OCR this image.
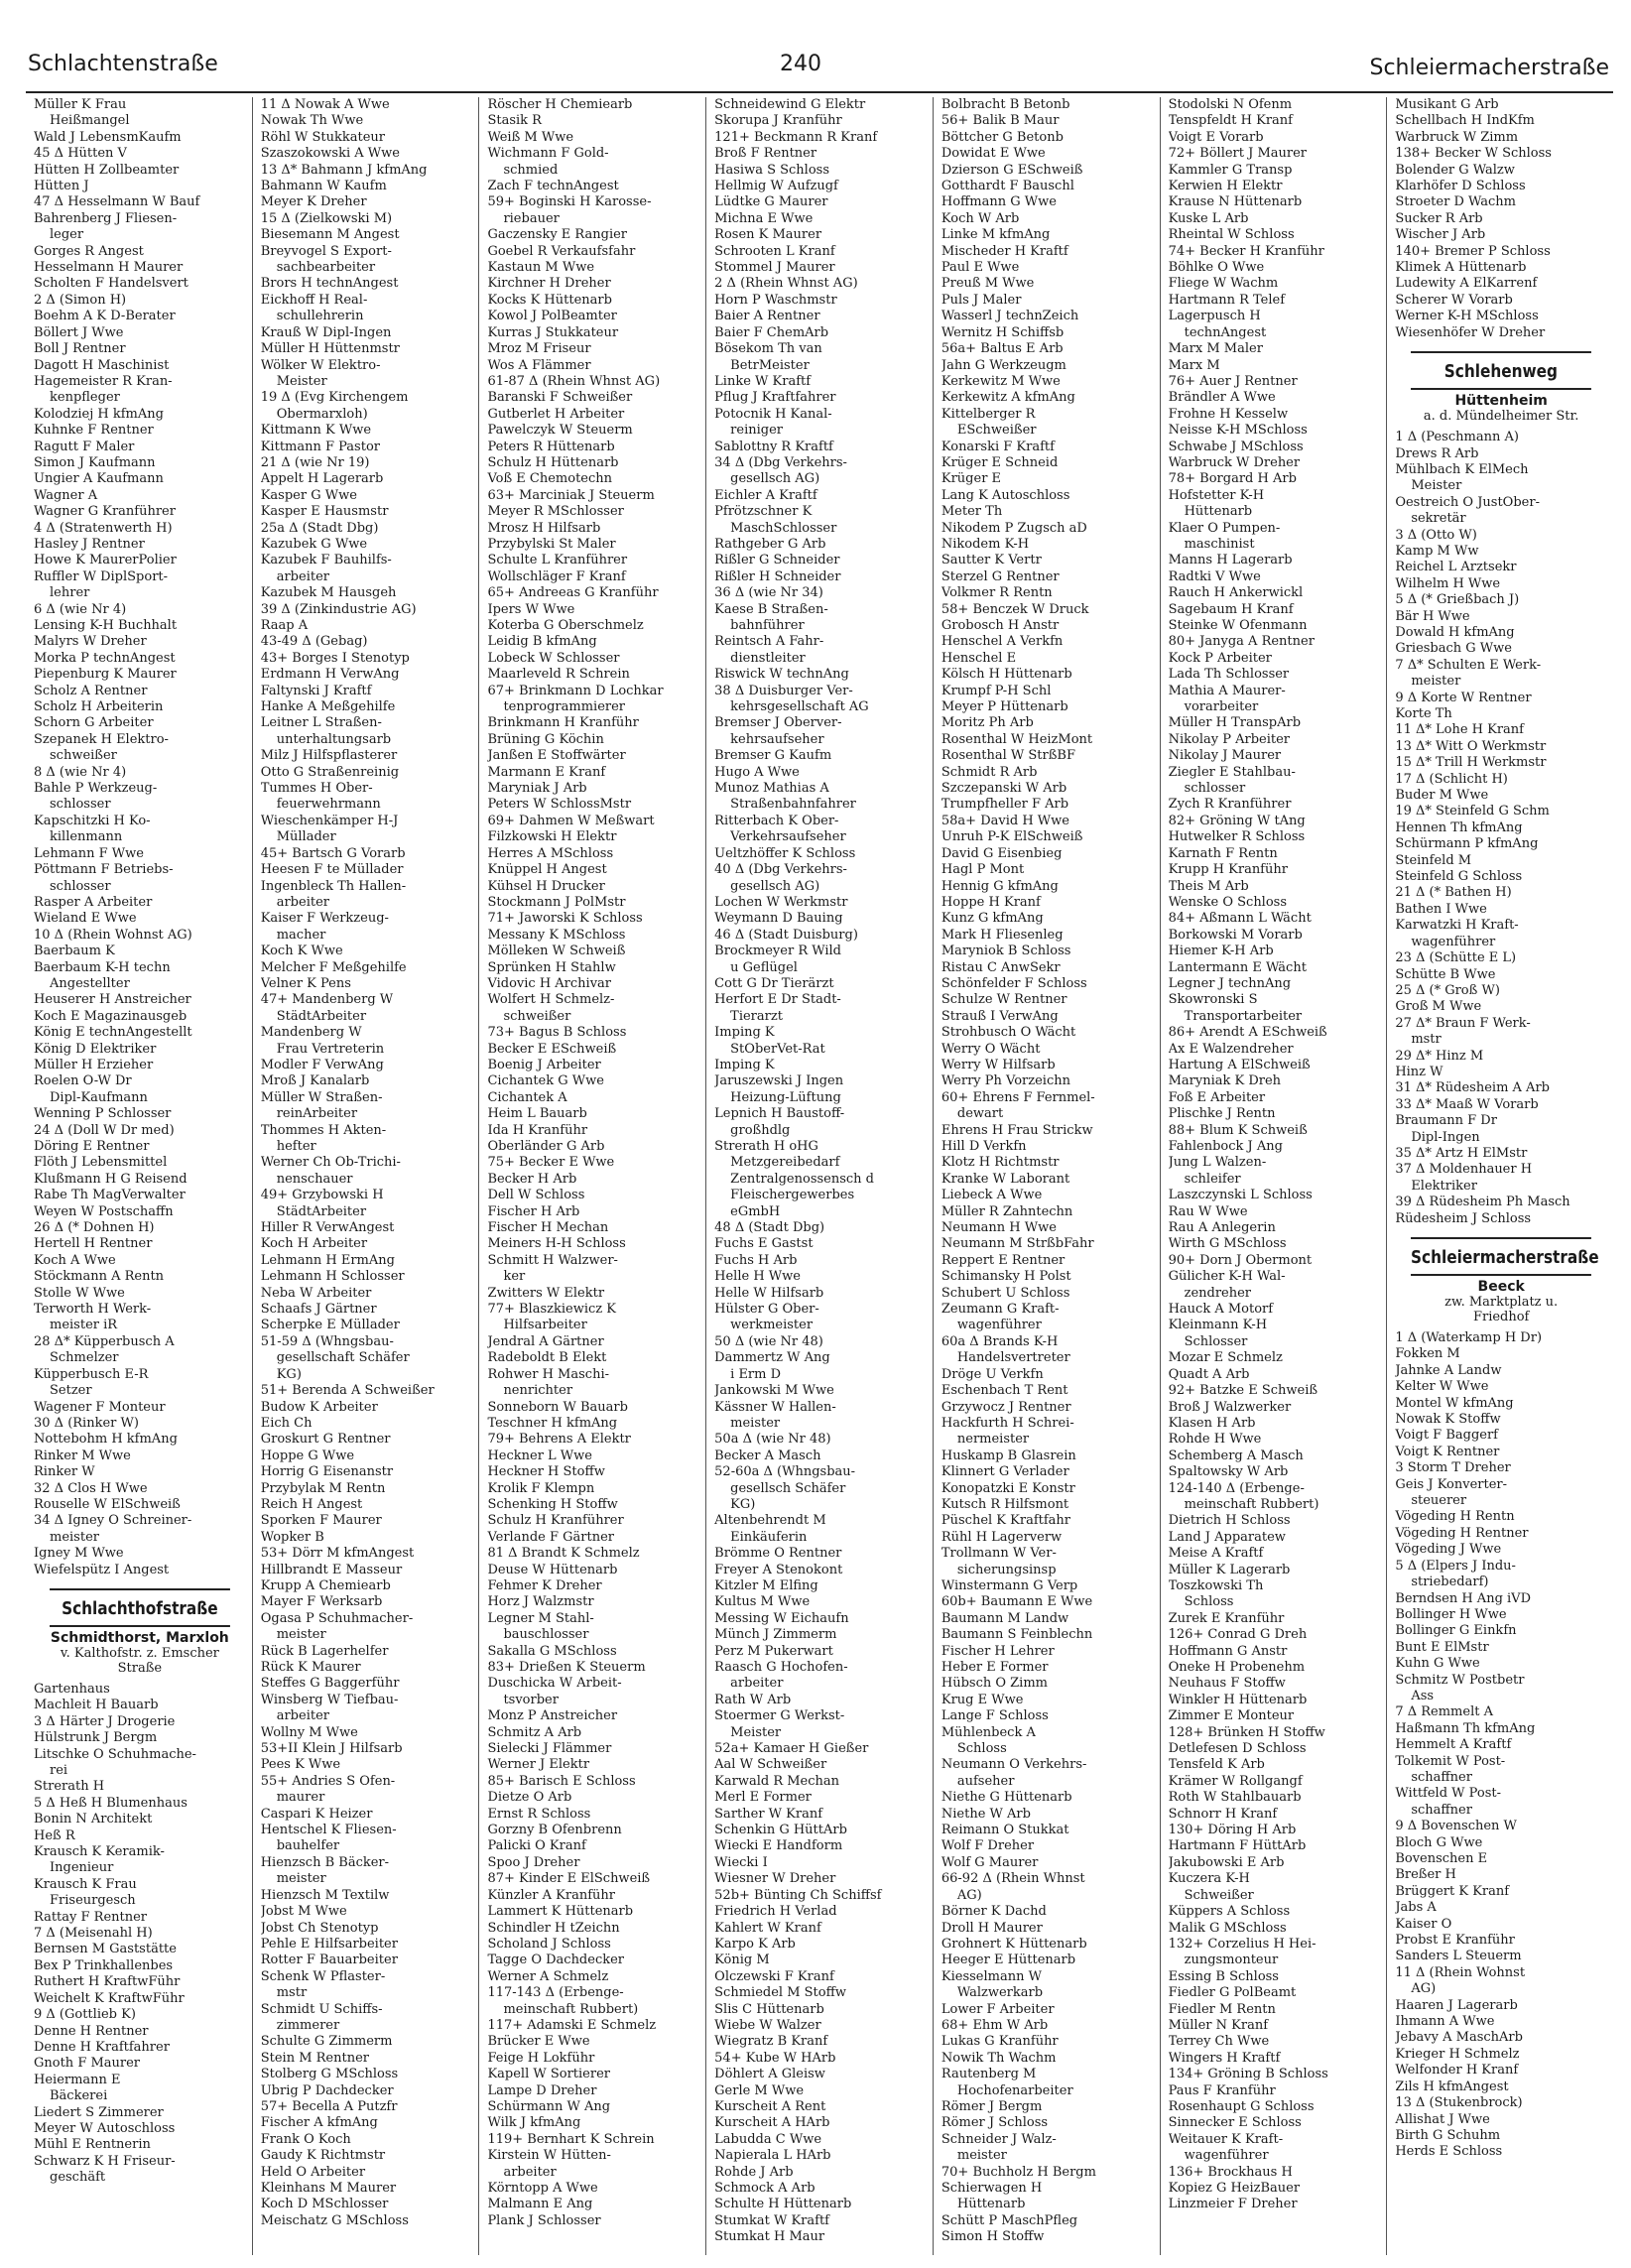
Schlachtenstraße	240	Schleiermacherstraße
Müller K Frau
Heißmangel
Wald J LebensmKaufm
45 Δ Hütten V
Hütten H Zollbeamter
Hütten J
47 Δ Hesselmann W Bauf
Bahrenberg J Fliesen-
leger
Gorges R Angest
Hesselmann H Maurer
Scholten F Handelsvert
2 Δ (Simon H)
Boehm A K D-Berater
Böllert J Wwe
Boll J Rentner
Dagott H Maschinist
Hagemeister R Kran-
kenpfleger
Kolodziej H kfmAng
Kuhnke F Rentner
Ragutt F Maler
Simon J Kaufmann
Ungier A Kaufmann
Wagner A
Wagner G Kranführer
4 Δ (Stratenwerth H)
Hasley J Rentner
Howe K MaurerPolier
Ruffler W DiplSport-
lehrer
6 Δ (wie Nr 4)
Lensing K-H Buchhalt
Malyrs W Dreher
Morka P technAngest
Piepenburg K Maurer
Scholz A Rentner
Scholz H Arbeiterin
Schorn G Arbeiter
Szepanek H Elektro-
schweißer
8 Δ (wie Nr 4)
Bahle P Werkzeug-
schlosser
Kapschitzki H Ko-
killenmann
Lehmann F Wwe
Pöttmann F Betriebs-
schlosser
Rasper A Arbeiter
Wieland E Wwe
10 Δ (Rhein Wohnst AG)
Baerbaum K
Baerbaum K-H techn
Angestellter
Heuserer H Anstreicher
Koch E Magazinausgeb
König E technAngestellt
König D Elektriker
Müller H Erzieher
Roelen O-W Dr
Dipl-Kaufmann
Wenning P Schlosser
24 Δ (Doll W Dr med)
Döring E Rentner
Flöth J Lebensmittel
Klußmann H G Reisend
Rabe Th MagVerwalter
Weyen W Postschaffn
26 Δ (* Dohnen H)
Hertell H Rentner
Koch A Wwe
Stöckmann A Rentn
Stolle W Wwe
Terworth H Werk-
meister iR
28 Δ* Küpperbusch A
Schmelzer
Küpperbusch E-R
Setzer
Wagener F Monteur
30 Δ (Rinker W)
Nottebohm H kfmAng
Rinker M Wwe
Rinker W
32 Δ Clos H Wwe
Rouselle W ElSchweiß
34 Δ Igney O Schreiner-
meister
Igney M Wwe
Wiefelspütz I Angest
Schlachthofstraße
Schmidthorst, Marxloh
v. Kalthofstr. z. Emscher
Straße
Gartenhaus
Machleit H Bauarb
3 Δ Härter J Drogerie
Hülstrunk J Bergm
Litschke O Schuhmache-
rei
Strerath H
5 Δ Heß H Blumenhaus
Bonin N Architekt
Heß R
Krausch K Keramik-
Ingenieur
Krausch K Frau
Friseurgesch
Rattay F Rentner
7 Δ (Meisenahl H)
Bernsen M Gaststätte
Bex P Trinkhallenbes
Ruthert H KraftwFühr
Weichelt K KraftwFühr
9 Δ (Gottlieb K)
Denne H Rentner
Denne H Kraftfahrer
Gnoth F Maurer
Heiermann E
Bäckerei
Liedert S Zimmerer
Meyer W Autoschloss
Mühl E Rentnerin
Schwarz K H Friseur-
geschäft
11 Δ Nowak A Wwe
Nowak Th Wwe
Röhl W Stukkateur
Szaszokowski A Wwe
13 Δ* Bahmann J kfmAng
Bahmann W Kaufm
Meyer K Dreher
15 Δ (Zielkowski M)
Biesemann M Angest
Breyvogel S Export-
sachbearbeiter
Brors H technAngest
Eickhoff H Real-
schullehrerin
Krauß W Dipl-Ingen
Müller H Hüttenmstr
Wölker W Elektro-
Meister
19 Δ (Evg Kirchengem
Obermarxloh)
Kittmann K Wwe
Kittmann F Pastor
21 Δ (wie Nr 19)
Appelt H Lagerarb
Kasper G Wwe
Kasper E Hausmstr
25a Δ (Stadt Dbg)
Kazubek G Wwe
Kazubek F Bauhilfs-
arbeiter
Kazubek M Hausgeh
39 Δ (Zinkindustrie AG)
Raap A
43-49 Δ (Gebag)
43+ Borges I Stenotyp
Erdmann H VerwAng
Faltynski J Kraftf
Hanke A Meßgehilfe
Leitner L Straßen-
unterhaltungsarb
Milz J Hilfspflasterer
Otto G Straßenreinig
Tummes H Ober-
feuerwehrmann
Wieschenkämper H-J
Müllader
45+ Bartsch G Vorarb
Heesen F te Müllader
Ingenbleck Th Hallen-
arbeiter
Kaiser F Werkzeug-
macher
Koch K Wwe
Melcher F Meßgehilfe
Velner K Pens
47+ Mandenberg W
StädtArbeiter
Mandenberg W
Frau Vertreterin
Modler F VerwAng
Mroß J Kanalarb
Müller W Straßen-
reinArbeiter
Thommes H Akten-
hefter
Werner Ch Ob-Trichi-
nenschauer
49+ Grzybowski H
StädtArbeiter
Hiller R VerwAngest
Koch H Arbeiter
Lehmann H ErmAng
Lehmann H Schlosser
Neba W Arbeiter
Schaafs J Gärtner
Scherpke E Müllader
51-59 Δ (Whngsbau-
gesellschaft Schäfer
KG)
51+ Berenda A Schweißer
Budow K Arbeiter
Eich Ch
Groskurt G Rentner
Hoppe G Wwe
Horrig G Eisenanstr
Przybylak M Rentn
Reich H Angest
Sporken F Maurer
Wopker B
53+ Dörr M kfmAngest
Hillbrandt E Masseur
Krupp A Chemiearb
Mayer F Werksarb
Ogasa P Schuhmacher-
meister
Rück B Lagerhelfer
Rück K Maurer
Steffes G Baggerführ
Winsberg W Tiefbau-
arbeiter
Wollny M Wwe
53+II Klein J Hilfsarb
Pees K Wwe
55+ Andries S Ofen-
maurer
Caspari K Heizer
Hentschel K Fliesen-
bauhelfer
Hienzsch B Bäcker-
meister
Hienzsch M Textilw
Jobst M Wwe
Jobst Ch Stenotyp
Pehle E Hilfsarbeiter
Rotter F Bauarbeiter
Schenk W Pflaster-
mstr
Schmidt U Schiffs-
zimmerer
Schulte G Zimmerm
Stein M Rentner
Stolberg G MSchloss
Ubrig P Dachdecker
57+ Becella A Putzfr
Fischer A kfmAng
Frank O Koch
Gaudy K Richtmstr
Held O Arbeiter
Kleinhans M Maurer
Koch D MSchlosser
Meischatz G MSchloss
Röscher H Chemiearb
Stasik R
Weiß M Wwe
Wichmann F Gold-
schmied
Zach F technAngest
59+ Boginski H Karosse-
riebauer
Gaczensky E Rangier
Goebel R Verkaufsfahr
Kastaun M Wwe
Kirchner H Dreher
Kocks K Hüttenarb
Kowol J PolBeamter
Kurras J Stukkateur
Mroz M Friseur
Wos A Flämmer
61-87 Δ (Rhein Whnst AG)
Baranski F Schweißer
Gutberlet H Arbeiter
Pawelczyk W Steuerm
Peters R Hüttenarb
Schulz H Hüttenarb
Voß E Chemotechn
63+ Marciniak J Steuerm
Meyer R MSchlosser
Mrosz H Hilfsarb
Przybylski St Maler
Schulte L Kranführer
Wollschläger F Kranf
65+ Andreeas G Kranführ
Ipers W Wwe
Koterba G Oberschmelz
Leidig B kfmAng
Lobeck W Schlosser
Maarleveld R Schrein
67+ Brinkmann D Lochkar
tenprogrammierer
Brinkmann H Kranführ
Brüning G Köchin
Janßen E Stoffwärter
Marmann E Kranf
Maryniak J Arb
Peters W SchlossMstr
69+ Dahmen W Meßwart
Filzkowski H Elektr
Herres A MSchloss
Knüppel H Angest
Kühsel H Drucker
Stockmann J PolMstr
71+ Jaworski K Schloss
Messany K MSchloss
Mölleken W Schweiß
Sprünken H Stahlw
Vidovic H Archivar
Wolfert H Schmelz-
schweißer
73+ Bagus B Schloss
Becker E ESchweiß
Boenig J Arbeiter
Cichantek G Wwe
Cichantek A
Heim L Bauarb
Ida H Kranführ
Oberländer G Arb
75+ Becker E Wwe
Becker H Arb
Dell W Schloss
Fischer H Arb
Fischer H Mechan
Meiners H-H Schloss
Schmitt H Walzwer-
ker
Zwitters W Elektr
77+ Blaszkiewicz K
Hilfsarbeiter
Jendral A Gärtner
Radeboldt B Elekt
Rohwer H Maschi-
nenrichter
Sonneborn W Bauarb
Teschner H kfmAng
79+ Behrens A Elektr
Heckner L Wwe
Heckner H Stoffw
Krolik F Klempn
Schenking H Stoffw
Schulz H Kranführer
Verlande F Gärtner
81 Δ Brandt K Schmelz
Deuse W Hüttenarb
Fehmer K Dreher
Horz J Walzmstr
Legner M Stahl-
bauschlosser
Sakalla G MSchloss
83+ Drießen K Steuerm
Duschicka W Arbeit-
tsvorber
Monz P Anstreicher
Schmitz A Arb
Sielecki J Flämmer
Werner J Elektr
85+ Barisch E Schloss
Dietze O Arb
Ernst R Schloss
Gorzny B Ofenbrenn
Palicki O Kranf
Spoo J Dreher
87+ Kinder E ElSchweiß
Künzler A Kranführ
Lammert K Hüttenarb
Schindler H tZeichn
Scholand J Schloss
Tagge O Dachdecker
Werner A Schmelz
117-143 Δ (Erbenge-
meinschaft Rubbert)
117+ Adamski E Schmelz
Brücker E Wwe
Feige H Lokführ
Kapell W Sortierer
Lampe D Dreher
Schürmann W Ang
Wilk J kfmAng
119+ Bernhart K Schrein
Kirstein W Hütten-
arbeiter
Körntopp A Wwe
Malmann E Ang
Plank J Schlosser
Schneidewind G Elektr
Skorupa J Kranführ
121+ Beckmann R Kranf
Broß F Rentner
Hasiwa S Schloss
Hellmig W Aufzugf
Lüdtke G Maurer
Michna E Wwe
Rosen K Maurer
Schrooten L Kranf
Stommel J Maurer
2 Δ (Rhein Whnst AG)
Horn P Waschmstr
Baier A Rentner
Baier F ChemArb
Bösekom Th van
BetrMeister
Linke W Kraftf
Pflug J Kraftfahrer
Potocnik H Kanal-
reiniger
Sablottny R Kraftf
34 Δ (Dbg Verkehrs-
gesellsch AG)
Eichler A Kraftf
Pfrötzschner K
MaschSchlosser
Rathgeber G Arb
Rißler G Schneider
Rißler H Schneider
36 Δ (wie Nr 34)
Kaese B Straßen-
bahnführer
Reintsch A Fahr-
dienstleiter
Riswick W technAng
38 Δ Duisburger Ver-
kehrsgesellschaft AG
Bremser J Oberver-
kehrsaufseher
Bremser G Kaufm
Hugo A Wwe
Munoz Mathias A
Straßenbahnfahrer
Ritterbach K Ober-
Verkehrsaufseher
Ueltzhöffer K Schloss
40 Δ (Dbg Verkehrs-
gesellsch AG)
Lochen W Werkmstr
Weymann D Bauing
46 Δ (Stadt Duisburg)
Brockmeyer R Wild
u Geflügel
Cott G Dr Tierärzt
Herfort E Dr Stadt-
Tierarzt
Imping K
StOberVet-Rat
Imping K
Jaruszewski J Ingen
Heizung-Lüftung
Lepnich H Baustoff-
großhdlg
Strerath H oHG
Metzgereibedarf
Zentralgenossensch d
Fleischergewerbes
eGmbH
48 Δ (Stadt Dbg)
Fuchs E Gastst
Fuchs H Arb
Helle H Wwe
Helle W Hilfsarb
Hülster G Ober-
werkmeister
50 Δ (wie Nr 48)
Dammertz W Ang
i Erm D
Jankowski M Wwe
Kässner W Hallen-
meister
50a Δ (wie Nr 48)
Becker A Masch
52-60a Δ (Whngsbau-
gesellsch Schäfer
KG)
Altenbehrendt M
Einkäuferin
Brömme O Rentner
Freyer A Stenokont
Kitzler M Elfing
Kultus M Wwe
Messing W Eichaufn
Münch J Zimmerm
Perz M Pukerwart
Raasch G Hochofen-
arbeiter
Rath W Arb
Stoermer G Werkst-
Meister
52a+ Kamaer H Gießer
Aal W Schweißer
Karwald R Mechan
Merl E Former
Sarther W Kranf
Schenkin G HüttArb
Wiecki E Handform
Wiecki I
Wiesner W Dreher
52b+ Bünting Ch Schiffsf
Friedrich H Verlad
Kahlert W Kranf
Karpo K Arb
König M
Olczewski F Kranf
Schmiedel M Stoffw
Slis C Hüttenarb
Wiebe W Walzer
Wiegratz B Kranf
54+ Kube W HArb
Döhlert A Gleisw
Gerle M Wwe
Kurscheit A Rent
Kurscheit A HArb
Labudda C Wwe
Napierala L HArb
Rohde J Arb
Schmock A Arb
Schulte H Hüttenarb
Stumkat W Kraftf
Stumkat H Maur
Bolbracht B Betonb
56+ Balik B Maur
Böttcher G Betonb
Dowidat E Wwe
Dzierson G ESchweiß
Gotthardt F Bauschl
Hoffmann G Wwe
Koch W Arb
Linke M kfmAng
Mischeder H Kraftf
Paul E Wwe
Preuß M Wwe
Puls J Maler
Wasserl J technZeich
Wernitz H Schiffsb
56a+ Baltus E Arb
Jahn G Werkzeugm
Kerkewitz M Wwe
Kerkewitz A kfmAng
Kittelberger R
ESchweißer
Konarski F Kraftf
Krüger E Schneid
Krüger E
Lang K Autoschloss
Meter Th
Nikodem P Zugsch aD
Nikodem K-H
Sautter K Vertr
Sterzel G Rentner
Volkmer R Rentn
58+ Benczek W Druck
Grobosch H Anstr
Henschel A Verkfn
Henschel E
Kölsch H Hüttenarb
Krumpf P-H Schl
Meyer P Hüttenarb
Moritz Ph Arb
Rosenthal W HeizMont
Rosenthal W StrßBF
Schmidt R Arb
Szczepanski W Arb
Trumpfheller F Arb
58a+ David H Wwe
Unruh P-K ElSchweiß
David G Eisenbieg
Hagl P Mont
Hennig G kfmAng
Hoppe H Kranf
Kunz G kfmAng
Mark H Fliesenleg
Maryniok B Schloss
Ristau C AnwSekr
Schönfelder F Schloss
Schulze W Rentner
Strauß I VerwAng
Strohbusch O Wächt
Werry O Wächt
Werry W Hilfsarb
Werry Ph Vorzeichn
60+ Ehrens F Fernmel-
dewart
Ehrens H Frau Strickw
Hill D Verkfn
Klotz H Richtmstr
Kranke W Laborant
Liebeck A Wwe
Müller R Zahntechn
Neumann H Wwe
Neumann M StrßbFahr
Reppert E Rentner
Schimansky H Polst
Schubert U Schloss
Zeumann G Kraft-
wagenführer
60a Δ Brands K-H
Handelsvertreter
Dröge U Verkfn
Eschenbach T Rent
Grzywocz J Rentner
Hackfurth H Schrei-
nermeister
Huskamp B Glasrein
Klinnert G Verlader
Konopatzki E Konstr
Kutsch R Hilfsmont
Püschel K Kraftfahr
Rühl H Lagerverw
Trollmann W Ver-
sicherungsinsp
Winstermann G Verp
60b+ Baumann E Wwe
Baumann M Landw
Baumann S Feinblechn
Fischer H Lehrer
Heber E Former
Hübsch O Zimm
Krug E Wwe
Lange F Schloss
Mühlenbeck A
Schloss
Neumann O Verkehrs-
aufseher
Niethe G Hüttenarb
Niethe W Arb
Reimann O Stukkat
Wolf F Dreher
Wolf G Maurer
66-92 Δ (Rhein Whnst
AG)
Börner K Dachd
Droll H Maurer
Grohnert K Hüttenarb
Heeger E Hüttenarb
Kiesselmann W
Walzwerkarb
Lower F Arbeiter
68+ Ehm W Arb
Lukas G Kranführ
Nowik Th Wachm
Rautenberg M
Hochofenarbeiter
Römer J Bergm
Römer J Schloss
Schneider J Walz-
meister
70+ Buchholz H Bergm
Schierwagen H
Hüttenarb
Schütt P MaschPfleg
Simon H Stoffw
Stodolski N Ofenm
Tenspfeldt H Kranf
Voigt E Vorarb
72+ Böllert J Maurer
Kammler G Transp
Kerwien H Elektr
Krause N Hüttenarb
Kuske L Arb
Rheintal W Schloss
74+ Becker H Kranführ
Böhlke O Wwe
Fliege W Wachm
Hartmann R Telef
Lagerpusch H
technAngest
Marx M Maler
Marx M
76+ Auer J Rentner
Brändler A Wwe
Frohne H Kesselw
Neisse K-H MSchloss
Schwabe J MSchloss
Warbruck W Dreher
78+ Borgard H Arb
Hofstetter K-H
Hüttenarb
Klaer O Pumpen-
maschinist
Manns H Lagerarb
Radtki V Wwe
Rauch H Ankerwickl
Sagebaum H Kranf
Steinke W Ofenmann
80+ Janyga A Rentner
Kock P Arbeiter
Lada Th Schlosser
Mathia A Maurer-
vorarbeiter
Müller H TranspArb
Nikolay P Arbeiter
Nikolay J Maurer
Ziegler E Stahlbau-
schlosser
Zych R Kranführer
82+ Gröning W tAng
Hutwelker R Schloss
Karnath F Rentn
Krupp H Kranführ
Theis M Arb
Wenske O Schloss
84+ Aßmann L Wächt
Borkowski M Vorarb
Hiemer K-H Arb
Lantermann E Wächt
Legner J technAng
Skowronski S
Transportarbeiter
86+ Arendt A ESchweiß
Ax E Walzendreher
Hartung A ElSchweiß
Maryniak K Dreh
Foß E Arbeiter
Plischke J Rentn
88+ Blum K Schweiß
Fahlenbock J Ang
Jung L Walzen-
schleifer
Laszczynski L Schloss
Rau W Wwe
Rau A Anlegerin
Wirth G MSchloss
90+ Dorn J Obermont
Gülicher K-H Wal-
zendreher
Hauck A Motorf
Kleinmann K-H
Schlosser
Mozar E Schmelz
Quadt A Arb
92+ Batzke E Schweiß
Broß J Walzwerker
Klasen H Arb
Rohde H Wwe
Schemberg A Masch
Spaltowsky W Arb
124-140 Δ (Erbenge-
meinschaft Rubbert)
Dietrich H Schloss
Land J Apparatew
Meise A Kraftf
Müller K Lagerarb
Toszkowski Th
Schloss
Zurek E Kranführ
126+ Conrad G Dreh
Hoffmann G Anstr
Oneke H Probenehm
Neuhaus F Stoffw
Winkler H Hüttenarb
Zimmer E Monteur
128+ Brünken H Stoffw
Detlefesen D Schloss
Tensfeld K Arb
Krämer W Rollgangf
Roth W Stahlbauarb
Schnorr H Kranf
130+ Döring H Arb
Hartmann F HüttArb
Jakubowski E Arb
Kuczera K-H
Schweißer
Küppers A Schloss
Malik G MSchloss
132+ Corzelius H Hei-
zungsmonteur
Essing B Schloss
Fiedler G PolBeamt
Fiedler M Rentn
Müller N Kranf
Terrey Ch Wwe
Wingers H Kraftf
134+ Gröning B Schloss
Paus F Kranführ
Rosenhaupt G Schloss
Sinnecker E Schloss
Weitauer K Kraft-
wagenführer
136+ Brockhaus H
Kopiez G HeizBauer
Linzmeier F Dreher
Musikant G Arb
Schellbach H IndKfm
Warbruck W Zimm
138+ Becker W Schloss
Bolender G Walzw
Klarhöfer D Schloss
Stroeter D Wachm
Sucker R Arb
Wischer J Arb
140+ Bremer P Schloss
Klimek A Hüttenarb
Ludewity A ElKarrenf
Scherer W Vorarb
Werner K-H MSchloss
Wiesenhöfer W Dreher
Schlehenweg
Hüttenheim
a. d. Mündelheimer Str.
1 Δ (Peschmann A)
Drews R Arb
Mühlbach K ElMech
Meister
Oestreich O JustOber-
sekretär
3 Δ (Otto W)
Kamp M Ww
Reichel L Arztsekr
Wilhelm H Wwe
5 Δ (* Grießbach J)
Bär H Wwe
Dowald H kfmAng
Griesbach G Wwe
7 Δ* Schulten E Werk-
meister
9 Δ Korte W Rentner
Korte Th
11 Δ* Lohe H Kranf
13 Δ* Witt O Werkmstr
15 Δ* Trill H Werkmstr
17 Δ (Schlicht H)
Buder M Wwe
19 Δ* Steinfeld G Schm
Hennen Th kfmAng
Schürmann P kfmAng
Steinfeld M
Steinfeld G Schloss
21 Δ (* Bathen H)
Bathen I Wwe
Karwatzki H Kraft-
wagenführer
23 Δ (Schütte E L)
Schütte B Wwe
25 Δ (* Groß W)
Groß M Wwe
27 Δ* Braun F Werk-
mstr
29 Δ* Hinz M
Hinz W
31 Δ* Rüdesheim A Arb
33 Δ* Maaß W Vorarb
Braumann F Dr
Dipl-Ingen
35 Δ* Artz H ElMstr
37 Δ Moldenhauer H
Elektriker
39 Δ Rüdesheim Ph Masch
Rüdesheim J Schloss
Schleiermacherstraße
Beeck
zw. Marktplatz u.
Friedhof
1 Δ (Waterkamp H Dr)
Fokken M
Jahnke A Landw
Kelter W Wwe
Montel W kfmAng
Nowak K Stoffw
Voigt F Baggerf
Voigt K Rentner
3 Storm T Dreher
Geis J Konverter-
steuerer
Vögeding H Rentn
Vögeding H Rentner
Vögeding J Wwe
5 Δ (Elpers J Indu-
striebedarf)
Berndsen H Ang iVD
Bollinger H Wwe
Bollinger G Einkfn
Bunt E ElMstr
Kuhn G Wwe
Schmitz W Postbetr
Ass
7 Δ Remmelt A
Haßmann Th kfmAng
Hemmelt A Kraftf
Tolkemit W Post-
schaffner
Wittfeld W Post-
schaffner
9 Δ Bovenschen W
Bloch G Wwe
Bovenschen E
Breßer H
Brüggert K Kranf
Jabs A
Kaiser O
Probst E Kranführ
Sanders L Steuerm
11 Δ (Rhein Wohnst
AG)
Haaren J Lagerarb
Ihmann A Wwe
Jebavy A MaschArb
Krieger H Schmelz
Welfonder H Kranf
Zils H kfmAngest
13 Δ (Stukenbrock)
Allishat J Wwe
Birth G Schuhm
Herds E Schloss
